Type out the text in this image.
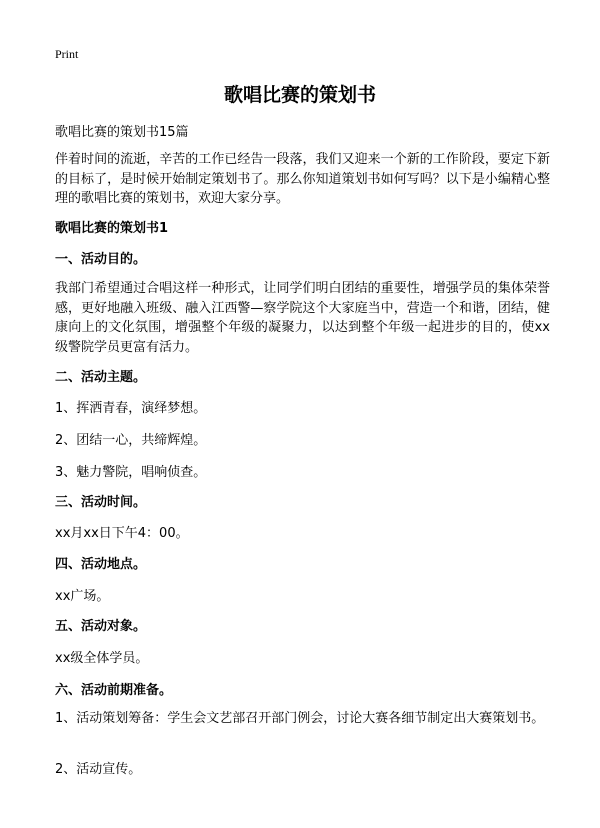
Print
歌唱比赛的策划书
歌唱比赛的策划书15篇
伴着时间的流逝，辛苦的工作已经告一段落，我们又迎来一个新的工作阶段，要定下新的目标了，是时候开始制定策划书了。那么你知道策划书如何写吗？以下是小编精心整理的歌唱比赛的策划书，欢迎大家分享。
歌唱比赛的策划书1
一、活动目的。
我部门希望通过合唱这样一种形式，让同学们明白团结的重要性，增强学员的集体荣誉感，更好地融入班级、融入江西警—察学院这个大家庭当中，营造一个和谐，团结，健康向上的文化氛围，增强整个年级的凝聚力，以达到整个年级一起进步的目的，使xx级警院学员更富有活力。
二、活动主题。
1、挥洒青春，演绎梦想。
2、团结一心，共缔辉煌。
3、魅力警院，唱响侦查。
三、活动时间。
xx月xx日下午4：00。
四、活动地点。
xx广场。
五、活动对象。
xx级全体学员。
六、活动前期准备。
1、活动策划筹备：学生会文艺部召开部门例会，讨论大赛各细节制定出大赛策划书。
2、活动宣传。
